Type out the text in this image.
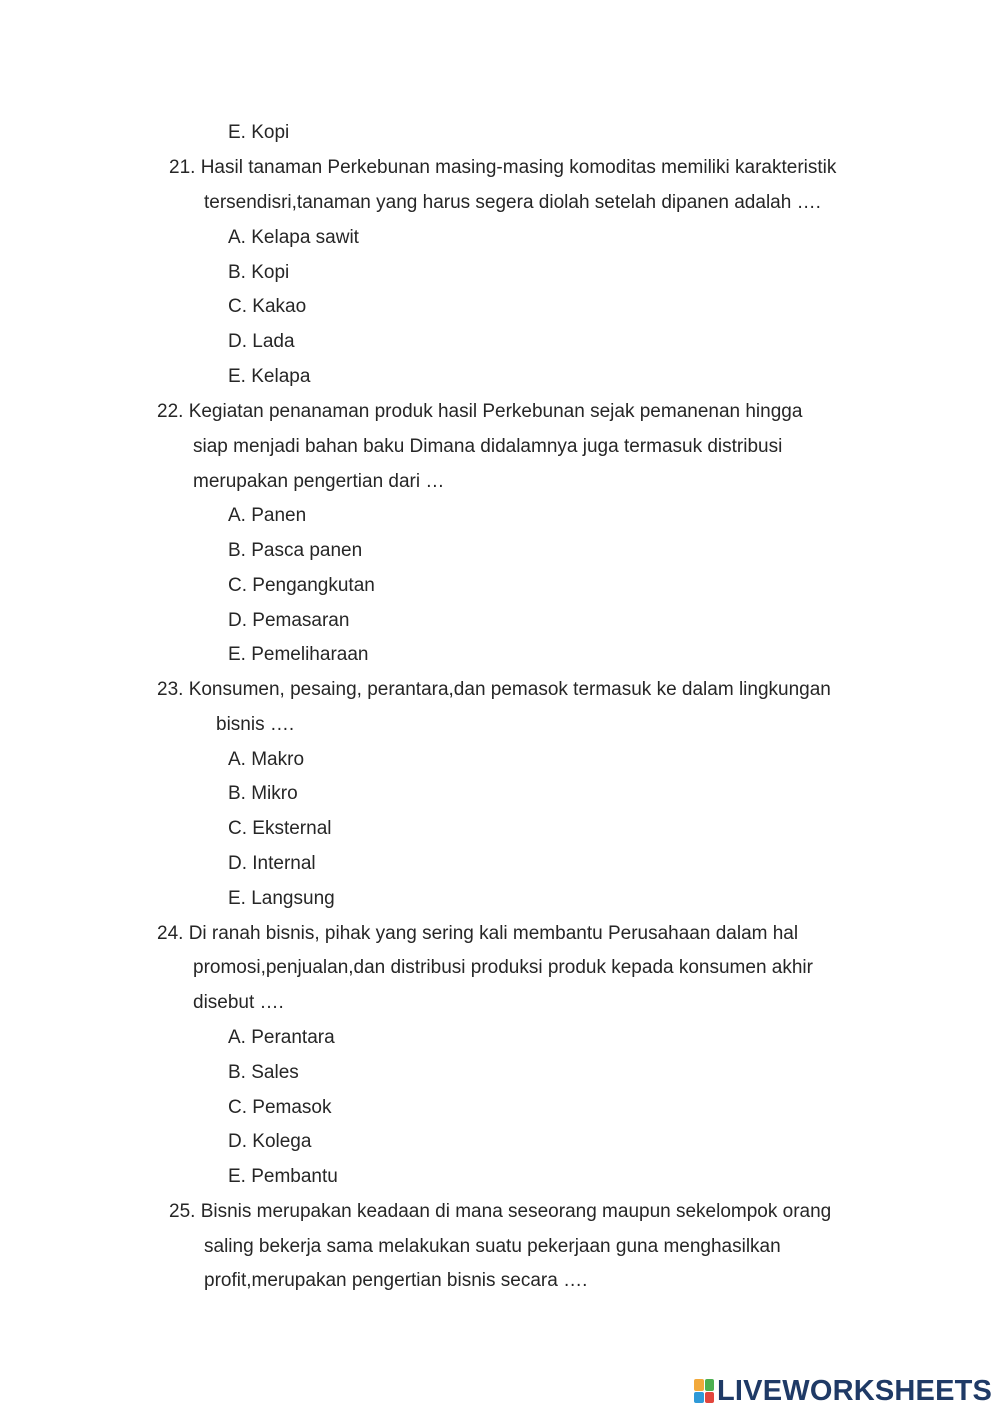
E. Kopi
21. Hasil tanaman Perkebunan masing-masing komoditas memiliki karakteristik
tersendisri,tanaman yang harus segera diolah setelah dipanen adalah ….
A. Kelapa sawit
B. Kopi
C. Kakao
D. Lada
E. Kelapa
22. Kegiatan penanaman produk hasil Perkebunan sejak pemanenan hingga
siap menjadi bahan baku Dimana didalamnya juga termasuk distribusi
merupakan pengertian dari …
A. Panen
B. Pasca panen
C. Pengangkutan
D. Pemasaran
E. Pemeliharaan
23. Konsumen, pesaing, perantara,dan pemasok termasuk ke dalam lingkungan
bisnis ….
A. Makro
B. Mikro
C. Eksternal
D. Internal
E. Langsung
24. Di ranah bisnis, pihak yang sering kali membantu Perusahaan dalam hal
promosi,penjualan,dan distribusi produksi produk kepada konsumen akhir
disebut ….
A. Perantara
B. Sales
C. Pemasok
D. Kolega
E. Pembantu
25. Bisnis merupakan keadaan di mana seseorang maupun sekelompok orang
saling bekerja sama melakukan suatu pekerjaan guna menghasilkan
profit,merupakan pengertian bisnis secara ….
LIVEWORKSHEETS
